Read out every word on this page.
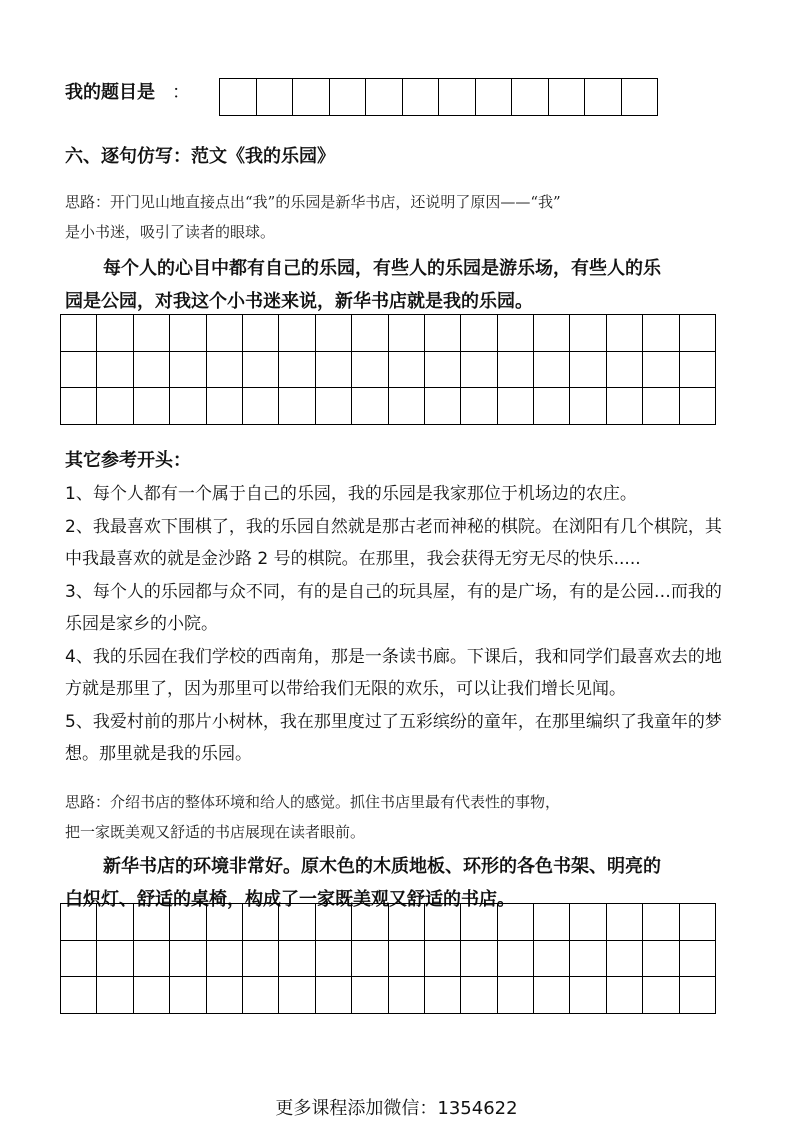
我的题目是 ：
六、逐句仿写：范文《我的乐园》
思路：开门见山地直接点出“我”的乐园是新华书店，还说明了原因——“我”
是小书迷，吸引了读者的眼球。
每个人的心目中都有自己的乐园，有些人的乐园是游乐场，有些人的乐
园是公园，对我这个小书迷来说，新华书店就是我的乐园。
其它参考开头：

1、每个人都有一个属于自己的乐园，我的乐园是我家那位于机场边的农庄。

2、我最喜欢下围棋了，我的乐园自然就是那古老而神秘的棋院。在浏阳有几个棋院，其中我最喜欢的就是金沙路 2 号的棋院。在那里，我会获得无穷无尽的快乐.....

3、每个人的乐园都与众不同，有的是自己的玩具屋，有的是广场，有的是公园…而我的乐园是家乡的小院。

4、我的乐园在我们学校的西南角，那是一条读书廊。下课后，我和同学们最喜欢去的地方就是那里了，因为那里可以带给我们无限的欢乐，可以让我们增长见闻。

5、我爱村前的那片小树林，我在那里度过了五彩缤纷的童年，在那里编织了我童年的梦想。那里就是我的乐园。

思路：介绍书店的整体环境和给人的感觉。抓住书店里最有代表性的事物，
把一家既美观又舒适的书店展现在读者眼前。
新华书店的环境非常好。原木色的木质地板、环形的各色书架、明亮的
白炽灯、舒适的桌椅，构成了一家既美观又舒适的书店。
更多课程添加微信：1354622
